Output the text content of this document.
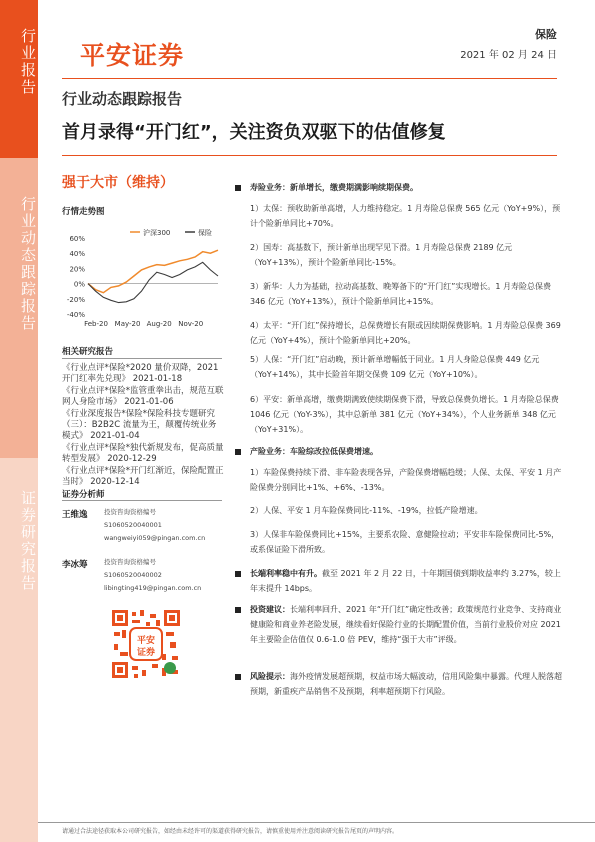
行业报告
行业动态跟踪报告
证券研究报告
平安证券
保险
2021 年 02 月 24 日
行业动态跟踪报告
首月录得“开门红”，关注资负双驱下的估值修复
强于大市（维持）
行情走势图
60%
40%
20%
0%
-20%
-40%
Feb-20 May-20 Aug-20 Nov-20
沪深300	保险
相关研究报告
《行业点评*保险*2020 量价双降，2021 开门红率先兑现》 2021-01-18
《行业点评*保险*监管重拳出击，规范互联网人身险市场》 2021-01-06
《行业深度报告*保险*保险科技专题研究（三）：B2B2C 流量为王，颠覆传统业务模式》 2021-01-04
《行业点评*保险*独代新规发布，促高质量转型发展》 2020-12-29
《行业点评*保险*开门红渐近，保险配置正当时》 2020-12-14
证券分析师
王维逸	投资咨询资格编号
S1060520040001
wangweiyi059@pingan.com.cn
李冰筹	投资咨询资格编号
S1060520040002
libingting419@pingan.com.cn
平安
证券
寿险业务：新单增长，缴费期满影响续期保费。
1）太保：预收助新单高增，人力维持稳定。1 月寿险总保费 565 亿元（YoY+9%），预计个险新单同比+70%。
2）国寿：高基数下，预计新单出现罕见下滑。1 月寿险总保费 2189 亿元（YoY+13%），预计个险新单同比-15%。
3）新华：人力为基础，拉动高基数、晚筹备下的“开门红”实现增长。1 月寿险总保费 346 亿元（YoY+13%），预计个险新单同比+15%。
4）太平：“开门红”保持增长，总保费增长有限或因续期保费影响。1 月寿险总保费 369 亿元（YoY+4%），预计个险新单同比+20%。
5）人保：“开门红”启动晚，预计新单增幅低于同业。1 月人身险总保费 449 亿元（YoY+14%），其中长险首年期交保费 109 亿元（YoY+10%）。
6）平安：新单高增，缴费期满致使续期保费下滑，导致总保费负增长。1 月寿险总保费 1046 亿元（YoY-3%），其中总新单 381 亿元（YoY+34%），个人业务新单 348 亿元（YoY+31%）。
产险业务：车险综改拉低保费增速。
1）车险保费持续下滑、非车险表现各异，产险保费增幅趋缓；人保、太保、平安 1 月产险保费分别同比+1%、+6%、-13%。
2）人保、平安 1 月车险保费同比-11%、-19%，拉低产险增速。
3）人保非车险保费同比+15%，主要系农险、意健险拉动；平安非车险保费同比-5%，或系保证险下滑所致。
长端利率稳中有升。截至 2021 年 2 月 22 日，十年期国债到期收益率约 3.27%，较上年末提升 14bps。
投资建议：长端利率回升、2021 年“开门红”确定性改善；政策规范行业竞争、支持商业健康险和商业养老险发展，继续看好保险行业的长期配置价值，当前行业股价对应 2021 年主要险企估值仅 0.6-1.0 倍 PEV，维持“强于大市”评级。
风险提示：海外疫情发展超预期，权益市场大幅波动，信用风险集中暴露。代理人脱落超预期，新重疾产品销售不及预期，利率超预期下行风险。
请通过合法途径获取本公司研究报告，如经由未经许可的渠道获得研究报告，请慎重使用并注意阅读研究报告尾页的声明内容。
